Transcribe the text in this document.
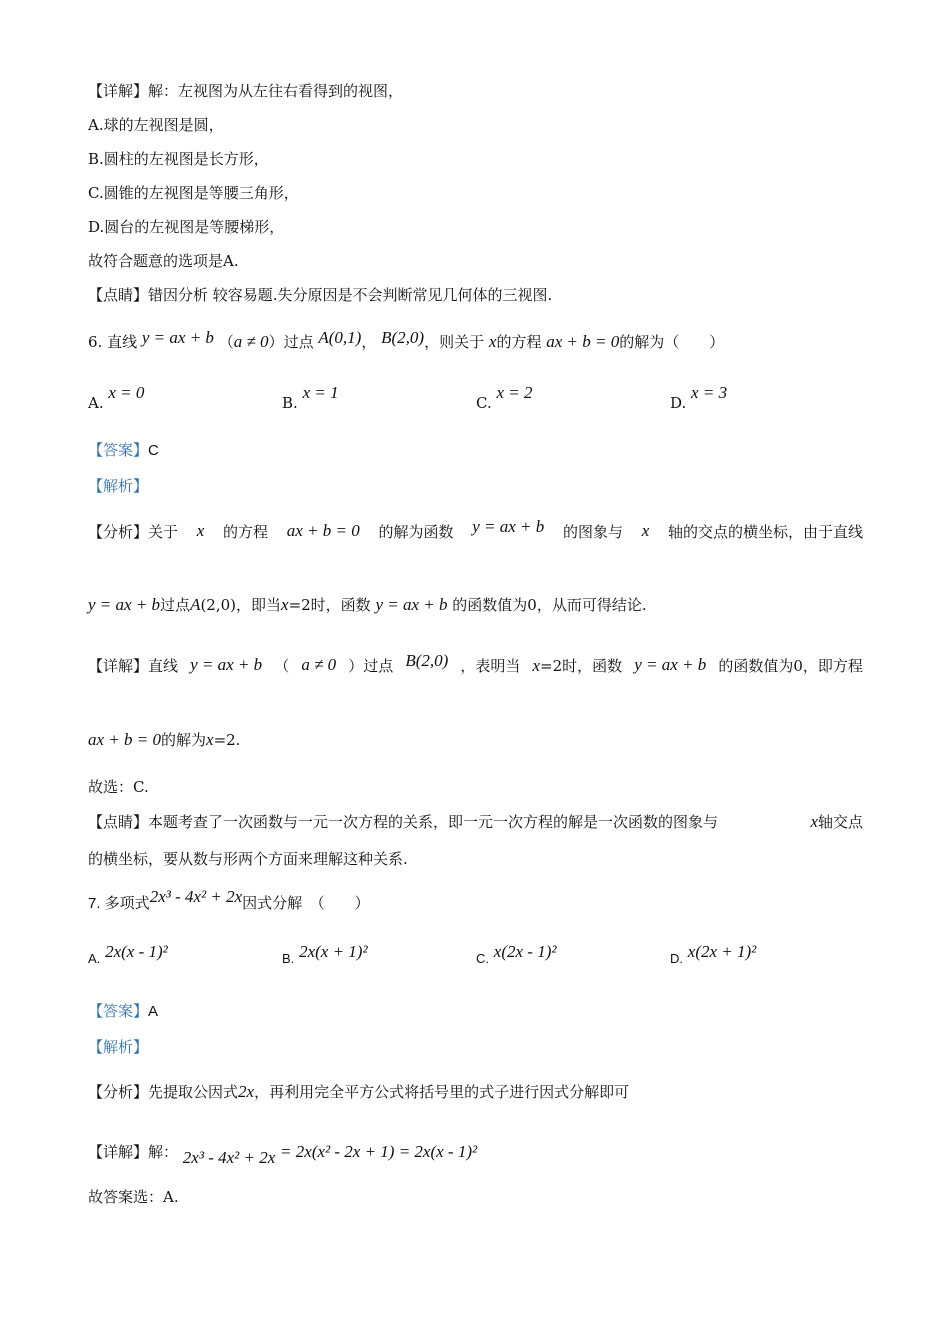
【详解】解：左视图为从左往右看得到的视图，
A.球的左视图是圆，
B.圆柱的左视图是长方形，
C.圆锥的左视图是等腰三角形，
D.圆台的左视图是等腰梯形，
故符合题意的选项是A.
【点睛】错因分析 较容易题.失分原因是不会判断常见几何体的三视图.
6. 直线 y = ax + b （a ≠ 0）过点 A(0,1)， B(2,0)，则关于 x的方程 ax + b = 0的解为（　　）
A. x = 0
B. x = 1
C. x = 2
D. x = 3
【答案】C
【解析】
【分析】关于 x 的方程 ax + b = 0 的解为函数 y = ax + b 的图象与 x 轴的交点的横坐标，由于直线
y = ax + b过点A(2,0)，即当x=2时，函数 y = ax + b 的函数值为0，从而可得结论.
【详解】直线 y = ax + b （ a ≠ 0 ）过点 B(2,0) ，表明当 x=2时，函数 y = ax + b 的函数值为0，即方程
ax + b = 0的解为x=2.
故选：C.
【点睛】本题考查了一次函数与一元一次方程的关系，即一元一次方程的解是一次函数的图象与	x轴交点
的横坐标，要从数与形两个方面来理解这种关系.
7. 多项式2x³ - 4x² + 2x因式分解　（　　）
A. 2x(x - 1)²	B. 2x(x + 1)²	C. x(2x - 1)²	D. x(2x + 1)²
【答案】A
【解析】
【分析】先提取公因式2x，再利用完全平方公式将括号里的式子进行因式分解即可
【详解】解： 2x³ - 4x² + 2x = 2x(x² - 2x + 1) = 2x(x - 1)²
故答案选：A.
